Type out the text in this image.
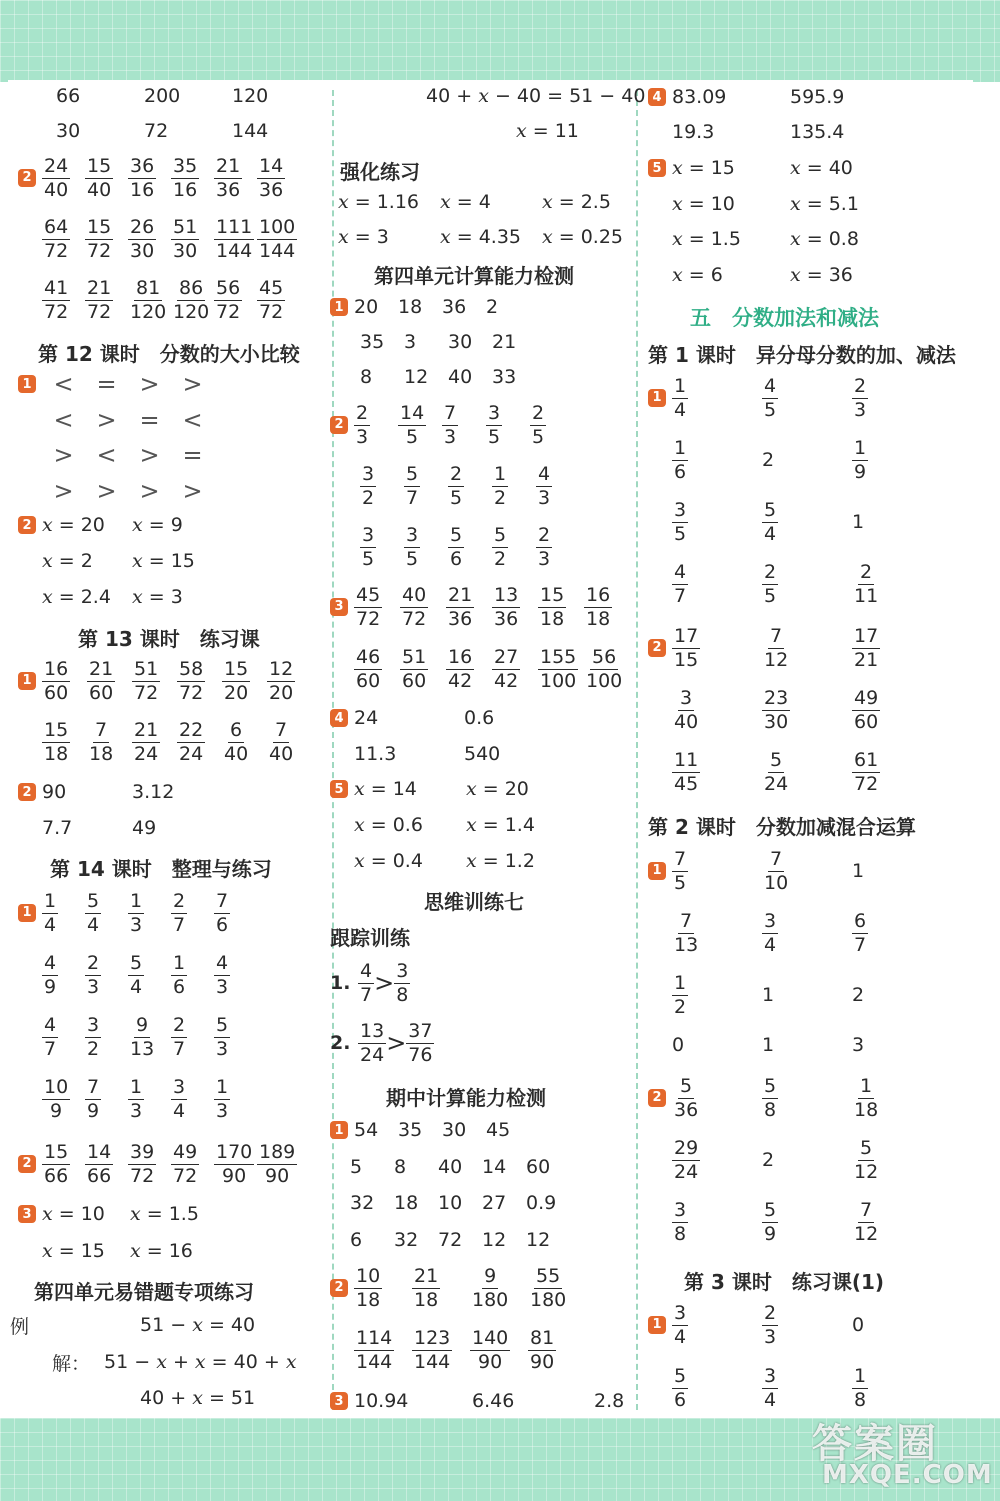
66	200	120
30	72	144
$2 \frac{24}{40} \frac{15}{40} \frac{36}{16} \frac{35}{16} \frac{21}{36} \frac{14}{36}$
$\frac{64}{72} \frac{15}{72} \frac{26}{30} \frac{51}{30} \frac{111}{144} \frac{100}{144}$
$\frac{41}{72} \frac{21}{72} \frac{81}{120} \frac{86}{120} \frac{56}{72} \frac{45}{72}$
第 12 课时　分数的大小比较
1 < = > >
< > = <
> < > =
> > > >
2 x = 20	x = 9
x = 2	x = 15
x = 2.4	x = 3
第 13 课时　练习课
$1 \frac{16}{60} \frac{21}{60} \frac{51}{72} \frac{58}{72} \frac{15}{20} \frac{12}{20}$
$\frac{15}{18} \frac{7}{18} \frac{21}{24} \frac{22}{24} \frac{6}{40} \frac{7}{40}$
2 90	3.12
7.7	49
第 14 课时　整理与练习
$1 \frac{1}{4} \frac{5}{4} \frac{1}{3} \frac{2}{7} \frac{7}{6}$
$\frac{4}{9} \frac{2}{3} \frac{5}{4} \frac{1}{6} \frac{4}{3}$
$\frac{4}{7} \frac{3}{2} \frac{9}{13} \frac{2}{7} \frac{5}{3}$
$\frac{10}{9} \frac{7}{9} \frac{1}{3} \frac{3}{4} \frac{1}{3}$
$2 \frac{15}{66} \frac{14}{66} \frac{39}{72} \frac{49}{72} \frac{170}{90} \frac{189}{90}$
3 x = 10	x = 1.5
x = 15	x = 16
第四单元易错题专项练习
例	51 − x = 40
解： 51 − x + x = 40 + x
40 + x = 51
40 + x − 40 = 51 − 40
x = 11
强化练习
x = 1.16	x = 4	x = 2.5
x = 3	x = 4.35	x = 0.25
第四单元计算能力检测
1 20	18	36	2
35	3	30	21
8	12	40	33
$2 \frac{2}{3} \frac{14}{5} \frac{7}{3} \frac{3}{5} \frac{2}{5}$
$\frac{3}{2} \frac{5}{7} \frac{2}{5} \frac{1}{2} \frac{4}{3}$
$\frac{3}{5} \frac{3}{5} \frac{5}{6} \frac{5}{2} \frac{2}{3}$
$3 \frac{45}{72} \frac{40}{72} \frac{21}{36} \frac{13}{36} \frac{15}{18} \frac{16}{18}$
$\frac{46}{60} \frac{51}{60} \frac{16}{42} \frac{27}{42} \frac{155}{100} \frac{56}{100}$
4 24	0.6
11.3	540
5 x = 14	x = 20
x = 0.6	x = 1.4
x = 0.4	x = 1.2
思维训练七
跟踪训练
1. $\frac{4}{7} > \frac{3}{8}$
2. $\frac{13}{24} > \frac{37}{76}$
期中计算能力检测
1 54	35	30	45
5	8	40	14	60
32	18	10	27	0.9
6	32	72	12	12
$2 \frac{10}{18} \frac{21}{18} \frac{9}{180} \frac{55}{180}$
$\frac{114}{144} \frac{123}{144} \frac{140}{90} \frac{81}{90}$
3 10.94	6.46	2.8
4 83.09	595.9
19.3	135.4
5 x = 15	x = 40
x = 10	x = 5.1
x = 1.5	x = 0.8
x = 6	x = 36
五　分数加法和减法
第 1 课时　异分母分数的加、减法
$1 \frac{1}{4}$	$\frac{4}{5}$	$\frac{2}{3}$
$\frac{1}{6}$	2	$\frac{1}{9}$
$\frac{3}{5}$	$\frac{5}{4}$	1
$\frac{4}{7}$	$\frac{2}{5}$	$\frac{2}{11}$
$2 \frac{17}{15}$	$\frac{7}{12}$	$\frac{17}{21}$
$\frac{3}{40}$	$\frac{23}{30}$	$\frac{49}{60}$
$\frac{11}{45}$	$\frac{5}{24}$	$\frac{61}{72}$
第 2 课时　分数加减混合运算
$1 \frac{7}{5}$	$\frac{7}{10}$	1
$\frac{7}{13}$	$\frac{3}{4}$	$\frac{6}{7}$
$\frac{1}{2}$	1	2
0	1	3
$2 \frac{5}{36}$	$\frac{5}{8}$	$\frac{1}{18}$
$\frac{29}{24}$	2	$\frac{5}{12}$
$\frac{3}{8}$	$\frac{5}{9}$	$\frac{7}{12}$
第 3 课时　练习课(1)
$1 \frac{3}{4}$	$\frac{2}{3}$	0
$\frac{5}{6}$	$\frac{3}{4}$	$\frac{1}{8}$
答案圈
MXQE.COM
